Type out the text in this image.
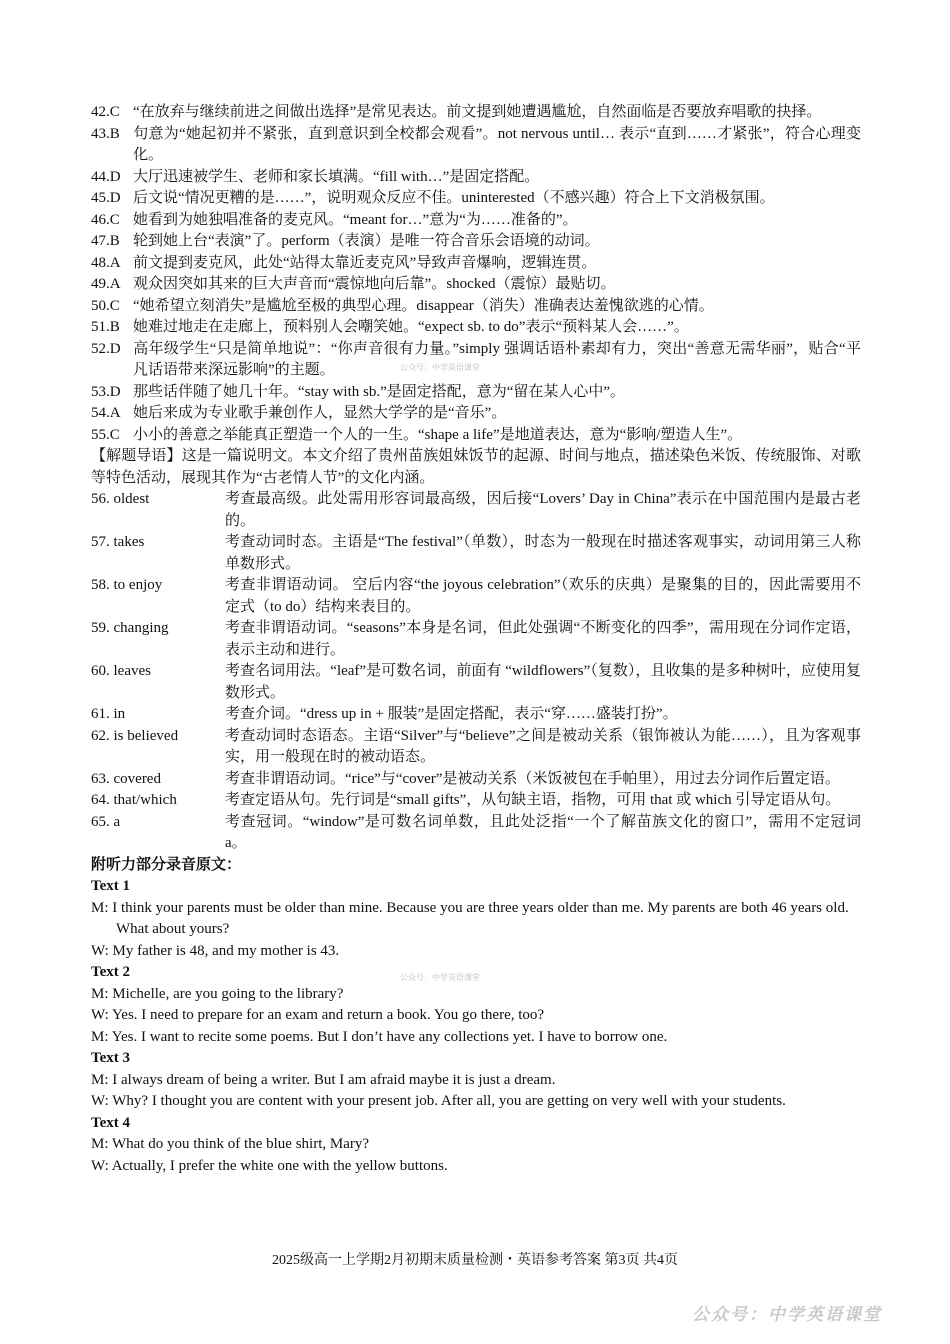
42.C “在放弃与继续前进之间做出选择”是常见表达。前文提到她遭遇尴尬，自然面临是否要放弃唱歌的抉择。
43.B 句意为“她起初并不紧张，直到意识到全校都会观看”。not nervous until… 表示“直到……才紧张”，符合心理变化。
44.D 大厅迅速被学生、老师和家长填满。“fill with…”是固定搭配。
45.D 后文说“情况更糟的是……”，说明观众反应不佳。uninterested（不感兴趣）符合上下文消极氛围。
46.C 她看到为她独唱准备的麦克风。“meant for…”意为“为……准备的”。
47.B 轮到她上台“表演”了。perform（表演）是唯一符合音乐会语境的动词。
48.A 前文提到麦克风，此处“站得太靠近麦克风”导致声音爆响，逻辑连贯。
49.A 观众因突如其来的巨大声音而“震惊地向后靠”。shocked（震惊）最贴切。
50.C “她希望立刻消失”是尴尬至极的典型心理。disappear（消失）准确表达羞愧欲逃的心情。
51.B 她难过地走在走廊上，预料别人会嘲笑她。“expect sb. to do”表示“预料某人会……”。
52.D 高年级学生“只是简单地说”：“你声音很有力量。”simply 强调话语朴素却有力，突出“善意无需华丽”，贴合“平凡话语带来深远影响”的主题。
53.D 那些话伴随了她几十年。“stay with sb.”是固定搭配，意为“留在某人心中”。
54.A 她后来成为专业歌手兼创作人，显然大学学的是“音乐”。
55.C 小小的善意之举能真正塑造一个人的一生。“shape a life”是地道表达，意为“影响/塑造人生”。
【解题导语】这是一篇说明文。本文介绍了贵州苗族姐妹饭节的起源、时间与地点，描述染色米饭、传统服饰、对歌等特色活动，展现其作为“古老情人节”的文化内涵。
56. oldest	考查最高级。此处需用形容词最高级，因后接“Lovers’ Day in China”表示在中国范围内是最古老的。
57. takes	考查动词时态。主语是“The festival”（单数），时态为一般现在时描述客观事实，动词用第三人称单数形式。
58. to enjoy	考查非谓语动词。 空后内容“the joyous celebration”（欢乐的庆典）是聚集的目的，因此需要用不定式（to do）结构来表目的。
59. changing	考查非谓语动词。“seasons”本身是名词，但此处强调“不断变化的四季”，需用现在分词作定语，表示主动和进行。
60. leaves	考查名词用法。“leaf”是可数名词，前面有 “wildflowers”（复数），且收集的是多种树叶，应使用复数形式。
61. in	考查介词。“dress up in + 服装”是固定搭配，表示“穿……盛装打扮”。
62. is believed	考查动词时态语态。主语“Silver”与“believe”之间是被动关系（银饰被认为能……），且为客观事实，用一般现在时的被动语态。
63. covered	考查非谓语动词。“rice”与“cover”是被动关系（米饭被包在手帕里），用过去分词作后置定语。
64. that/which	考查定语从句。先行词是“small gifts”，从句缺主语，指物，可用 that 或 which 引导定语从句。
65. a	考查冠词。“window”是可数名词单数，且此处泛指“一个了解苗族文化的窗口”，需用不定冠词 a。
附听力部分录音原文：
Text 1
M: I think your parents must be older than mine. Because you are three years older than me. My parents are both 46 years old. What about yours?
W: My father is 48, and my mother is 43.
Text 2
M: Michelle, are you going to the library?
W: Yes. I need to prepare for an exam and return a book. You go there, too?
M: Yes. I want to recite some poems. But I don’t have any collections yet. I have to borrow one.
Text 3
M: I always dream of being a writer. But I am afraid maybe it is just a dream.
W: Why? I thought you are content with your present job. After all, you are getting on very well with your students.
Text 4
M: What do you think of the blue shirt, Mary?
W: Actually, I prefer the white one with the yellow buttons.
公众号：中学英语课堂
公众号：中学英语课堂
2025级高一上学期2月初期末质量检测・英语参考答案 第3页 共4页
公众号：中学英语课堂
